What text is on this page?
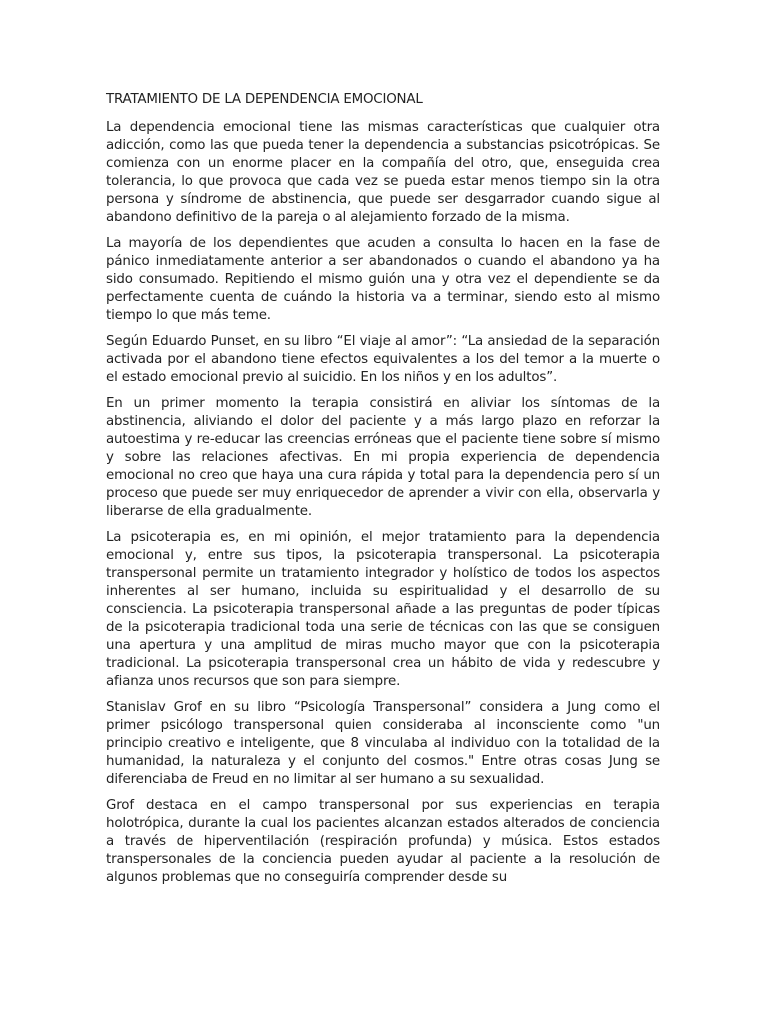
TRATAMIENTO DE LA DEPENDENCIA EMOCIONAL

La dependencia emocional tiene las mismas características que cualquier otra adicción, como las que pueda tener la dependencia a substancias psicotrópicas. Se comienza con un enorme placer en la compañía del otro, que, enseguida crea tolerancia, lo que provoca que cada vez se pueda estar menos tiempo sin la otra persona y síndrome de abstinencia, que puede ser desgarrador cuando sigue al abandono definitivo de la pareja o al alejamiento forzado de la misma.

La mayoría de los dependientes que acuden a consulta lo hacen en la fase de pánico inmediatamente anterior a ser abandonados o cuando el abandono ya ha sido consumado. Repitiendo el mismo guión una y otra vez el dependiente se da perfectamente cuenta de cuándo la historia va a terminar, siendo esto al mismo tiempo lo que más teme.

Según Eduardo Punset, en su libro “El viaje al amor”: “La ansiedad de la separación activada por el abandono tiene efectos equivalentes a los del temor a la muerte o el estado emocional previo al suicidio. En los niños y en los adultos”.

En un primer momento la terapia consistirá en aliviar los síntomas de la abstinencia, aliviando el dolor del paciente y a más largo plazo en reforzar la autoestima y re-educar las creencias erróneas que el paciente tiene sobre sí mismo y sobre las relaciones afectivas. En mi propia experiencia de dependencia emocional no creo que haya una cura rápida y total para la dependencia pero sí un proceso que puede ser muy enriquecedor de aprender a vivir con ella, observarla y liberarse de ella gradualmente.

La psicoterapia es, en mi opinión, el mejor tratamiento para la dependencia emocional y, entre sus tipos, la psicoterapia transpersonal. La psicoterapia transpersonal permite un tratamiento integrador y holístico de todos los aspectos inherentes al ser humano, incluida su espiritualidad y el desarrollo de su consciencia. La psicoterapia transpersonal añade a las preguntas de poder típicas de la psicoterapia tradicional toda una serie de técnicas con las que se consiguen una apertura y una amplitud de miras mucho mayor que con la psicoterapia tradicional. La psicoterapia transpersonal crea un hábito de vida y redescubre y afianza unos recursos que son para siempre.

Stanislav Grof en su libro “Psicología Transpersonal” considera a Jung como el primer psicólogo transpersonal quien consideraba al inconsciente como "un principio creativo e inteligente, que 8 vinculaba al individuo con la totalidad de la humanidad, la naturaleza y el conjunto del cosmos." Entre otras cosas Jung se diferenciaba de Freud en no limitar al ser humano a su sexualidad.

Grof destaca en el campo transpersonal por sus experiencias en terapia holotrópica, durante la cual los pacientes alcanzan estados alterados de conciencia a través de hiperventilación (respiración profunda) y música. Estos estados transpersonales de la conciencia pueden ayudar al paciente a la resolución de algunos problemas que no conseguiría comprender desde su
